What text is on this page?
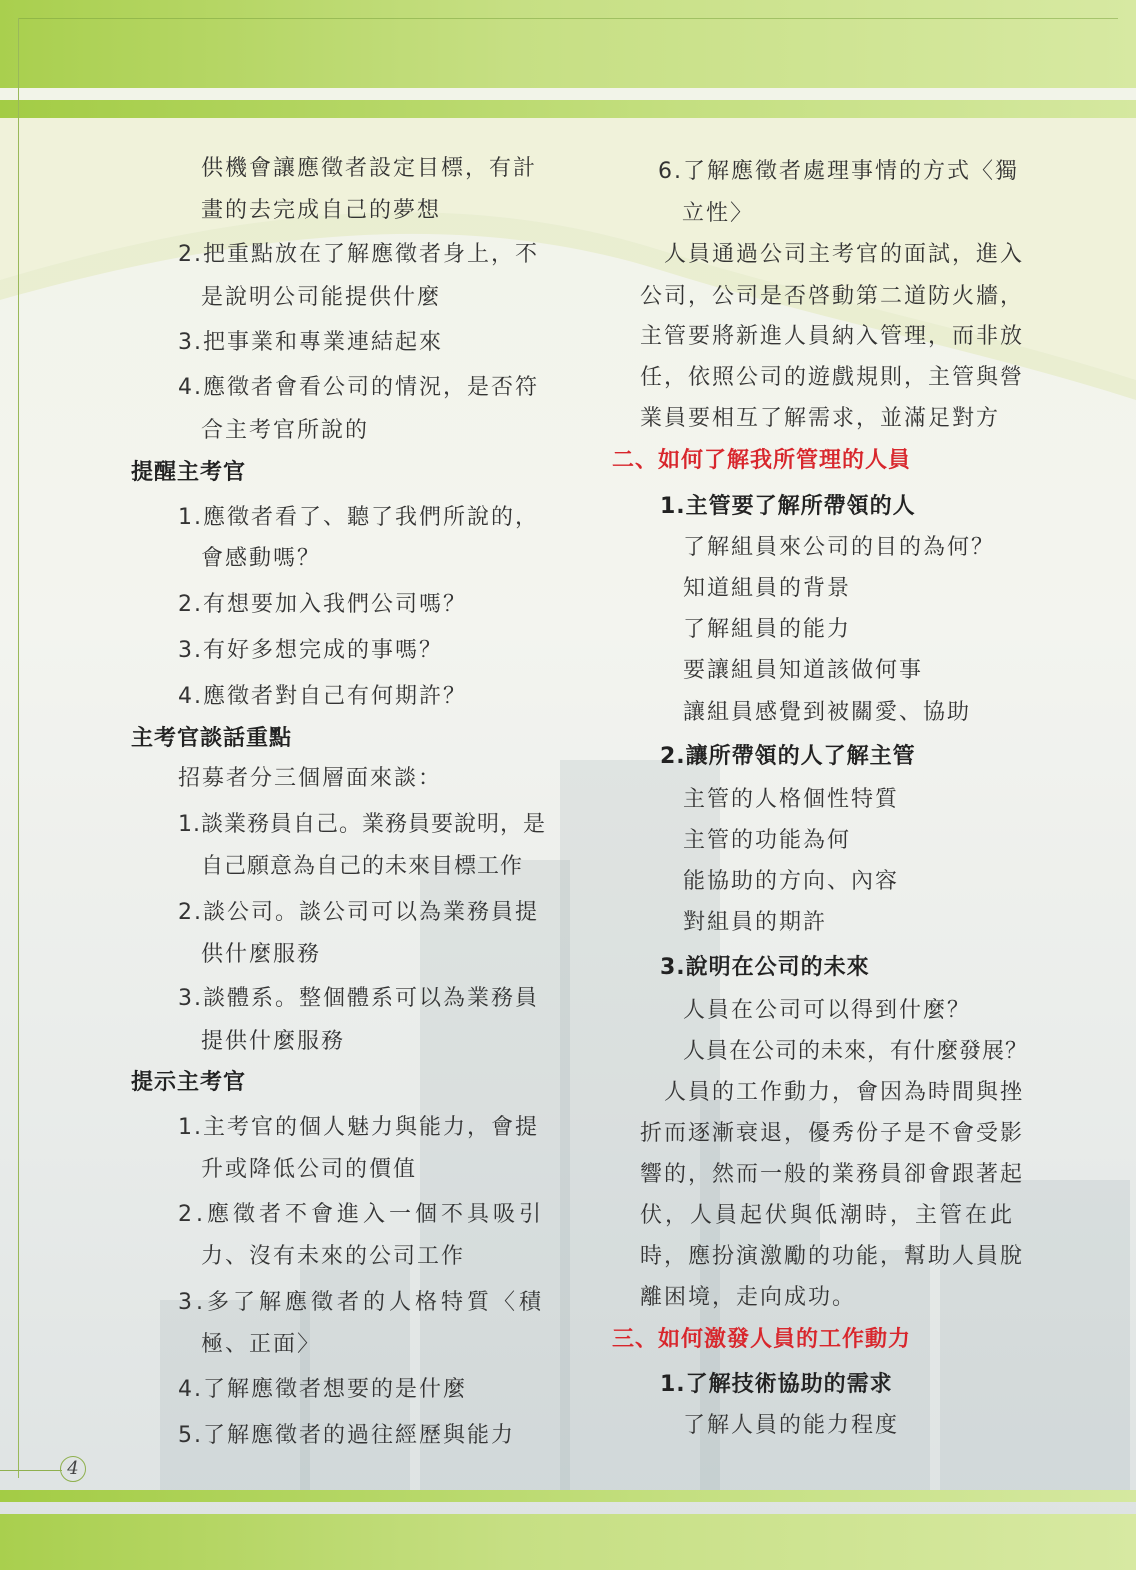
4
供機會讓應徵者設定目標，有計
畫的去完成自己的夢想
2.把重點放在了解應徵者身上，不
是說明公司能提供什麼
3.把事業和專業連結起來
4.應徵者會看公司的情況，是否符
合主考官所說的
提醒主考官
1.應徵者看了、聽了我們所說的，
會感動嗎？
2.有想要加入我們公司嗎？
3.有好多想完成的事嗎？
4.應徵者對自己有何期許？
主考官談話重點
招募者分三個層面來談：
1.談業務員自己。業務員要說明，是
自己願意為自己的未來目標工作
2.談公司。談公司可以為業務員提
供什麼服務
3.談體系。整個體系可以為業務員
提供什麼服務
提示主考官
1.主考官的個人魅力與能力，會提
升或降低公司的價值
2.應徵者不會進入一個不具吸引
力、沒有未來的公司工作
3.多了解應徵者的人格特質〈積
極、正面〉
4.了解應徵者想要的是什麼
5.了解應徵者的過往經歷與能力
6.了解應徵者處理事情的方式〈獨
立性〉
人員通過公司主考官的面試，進入
公司，公司是否啓動第二道防火牆，
主管要將新進人員納入管理，而非放
任，依照公司的遊戲規則，主管與營
業員要相互了解需求，並滿足對方
二、如何了解我所管理的人員
1.主管要了解所帶領的人
了解組員來公司的目的為何？
知道組員的背景
了解組員的能力
要讓組員知道該做何事
讓組員感覺到被關愛、協助
2.讓所帶領的人了解主管
主管的人格個性特質
主管的功能為何
能協助的方向、內容
對組員的期許
3.說明在公司的未來
人員在公司可以得到什麼？
人員在公司的未來，有什麼發展？
人員的工作動力，會因為時間與挫
折而逐漸衰退，優秀份子是不會受影
響的，然而一般的業務員卻會跟著起
伏，人員起伏與低潮時，主管在此
時，應扮演激勵的功能，幫助人員脫
離困境，走向成功。
三、如何激發人員的工作動力
1.了解技術協助的需求
了解人員的能力程度
